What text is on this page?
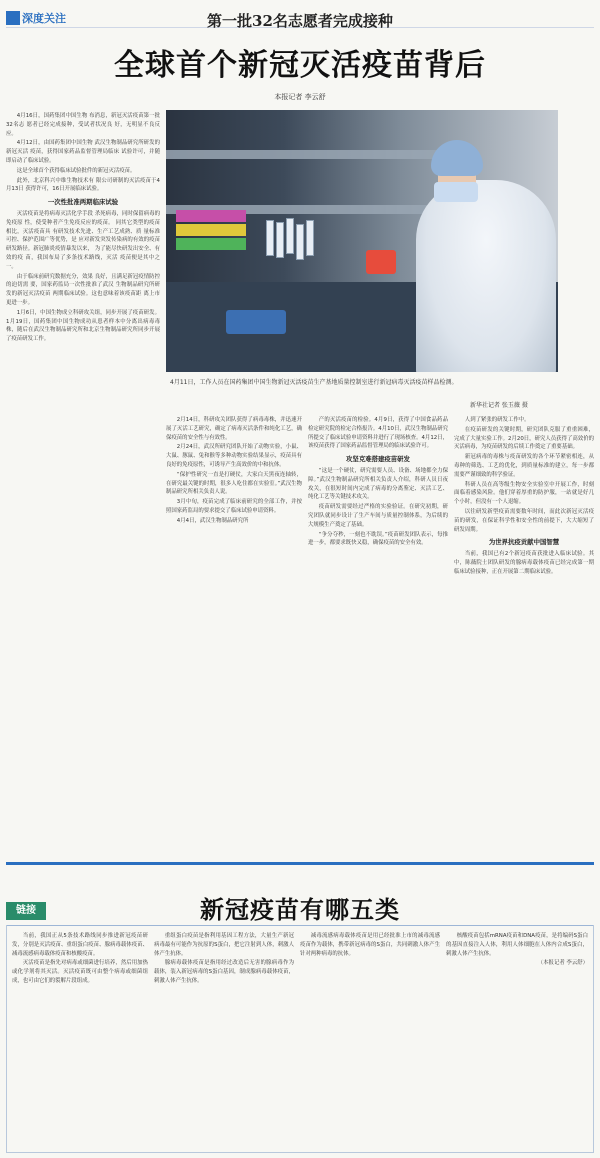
深度关注	第一批32名志愿者完成接种
全球首个新冠灭活疫苗背后
本报记者 李云舒
4月11日，工作人员在国药集团中国生物新冠灭活疫苗生产基地质量控制室进行新冠病毒灭活疫苗样品检测。
新华社记者 张玉薇 摄

4月16日，国药集团中国生物 布消息，新冠灭活疫苗第一批32名志 愿者已经完成接种，受试者状况良 好，无明显不良反应。

4月12日，由国药集团中国生物 武汉生物制品研究所研发的新冠灭活 疫苗，获得国家药品监督管理局临床 试验许可，并随即启动了临床试验。

这是全球首个获得临床试验批件的新冠灭活疫苗。

此外，北京科兴中维生物技术有 限公司研制的灭活疫苗于4月13日 获得许可，16日开展临床试验。

一次性批准两期临床试验

灭活疫苗是将病毒灭活化学手段 杀死病毒，同时保留病毒的免疫原 性，使受种者产生免疫反应的疫苗。 同其它类型的疫苗相比，灭活疫苗具 有研发技术先进、生产工艺成熟、质 量标准可控、保护范围广等优势，是 应对新发突发传染病的有效的疫苗 研发路径。新冠肺炎疫情暴发以来， 为了能尽快研发出安全、有效的疫 苗，我国布局了多条技术路线，灭活 疫苗便是其中之一。

由于临床前研究数据充分，效果 良好，且满足新冠疫情防控的迫切需 要，国家药监局一次性批准了武汉 生物制品研究所研发的新冠灭活疫苗 两期临床试验。这也意味着该疫苗距 离上市更进一步。

1月6日，中国生物成立科研攻关组，同步开展了疫苗研发。1月19日，国药集团中国生物成功从患者样本中分离出病毒毒株，随后在武汉生物制品研究所和北京生物制品研究所同步开展了疫苗研发工作。

2月14日，科研攻关团队获得了病毒毒株，并迅速开展了灭活工艺研究，确定了病毒灭活条件和纯化工艺，确保疫苗的安全性与有效性。

2月24日，武汉所研究团队开始了动物实验，小鼠、大鼠、豚鼠、兔和猴等多种动物实验结果显示，疫苗具有良好的免疫原性，可诱导产生高效价的中和抗体。

“保护性研究一直是打硬仗，大家白天黑夜连轴转，在研究最关键的时期，很多人吃住都在实验室。”武汉生物制品研究所相关负责人说。

3月中旬，疫苗完成了临床前研究的全部工作，并按照国家药监局的要求提交了临床试验申请资料。

4月4日，武汉生物制品研究所

产的灭活疫苗的检验。4月9日，获得了中国食品药品检定研究院的检定合格报告。4月10日，武汉生物制品研究所提交了临床试验申请资料并进行了现场核查。4月12日，该疫苗获得了国家药品监督管理局的临床试验许可。

攻坚克难搭建疫苗研发

“这是一个硬仗，研究需要人员、设备、场地都全力保障。”武汉生物制品研究所相关负责人介绍，科研人员日夜攻关，在很短时间内完成了病毒的分离鉴定、灭活工艺、纯化工艺等关键技术攻关。

疫苗研发需要经过严格的实验验证。在研究初期，研究团队就同步设计了生产车间与质量控制体系，为后续的大规模生产奠定了基础。

“争分夺秒，一刻也不耽误。”疫苗研发团队表示，每推进一步，都要求既快又稳，确保疫苗的安全有效。

人到了紧张的研发工作中。

在疫苗研发的关键时期，研究团队克服了重重困难，完成了大量实验工作。2月20日，研究人员获得了高效价的灭活病毒，为疫苗研发的后续工作奠定了重要基础。

新冠病毒的毒株与疫苗研发的各个环节紧密相连，从毒种的筛选、工艺的优化，到质量标准的建立，每一步都需要严谨细致的科学验证。

科研人员在高等级生物安全实验室中开展工作，时刻面临着感染风险。他们穿着厚重的防护服，一站就是好几个小时，但没有一个人退缩。

以往研发新型疫苗需要数年时间，而此次新冠灭活疫苗的研发，在保证科学性和安全性的前提下，大大缩短了研发周期。

为世界抗疫贡献中国智慧

当前，我国已有2个新冠疫苗获批进入临床试验。其中，陈薇院士团队研发的腺病毒载体疫苗已经完成第一期临床试验接种，正在开展第二期临床试验。

链接	新冠疫苗有哪五类

当前，我国正从5条技术路线同步推进新冠疫苗研发，分别是灭活疫苗、重组蛋白疫苗、腺病毒载体疫苗、减毒流感病毒载体疫苗和核酸疫苗。

灭活疫苗是指先对病毒或细菌进行培养，然后用加热或化学剂将其灭活。灭活疫苗既可由整个病毒或细菌组成，也可由它们的裂解片段组成。

重组蛋白疫苗是指利用基因工程方法，大量生产新冠病毒最有可能作为抗原的S蛋白，把它注射到人体，刺激人体产生抗体。

腺病毒载体疫苗是指用经过改造后无害的腺病毒作为载体，装入新冠病毒的S蛋白基因，制成腺病毒载体疫苗，刺激人体产生抗体。

减毒流感病毒载体疫苗是用已经批准上市的减毒流感疫苗作为载体，携带新冠病毒的S蛋白，共同刺激人体产生针对两种病毒的抗体。

核酸疫苗包括mRNA疫苗和DNA疫苗，是将编码S蛋白的基因直接注入人体，利用人体细胞在人体内合成S蛋白，刺激人体产生抗体。

（本报记者 李云舒）
